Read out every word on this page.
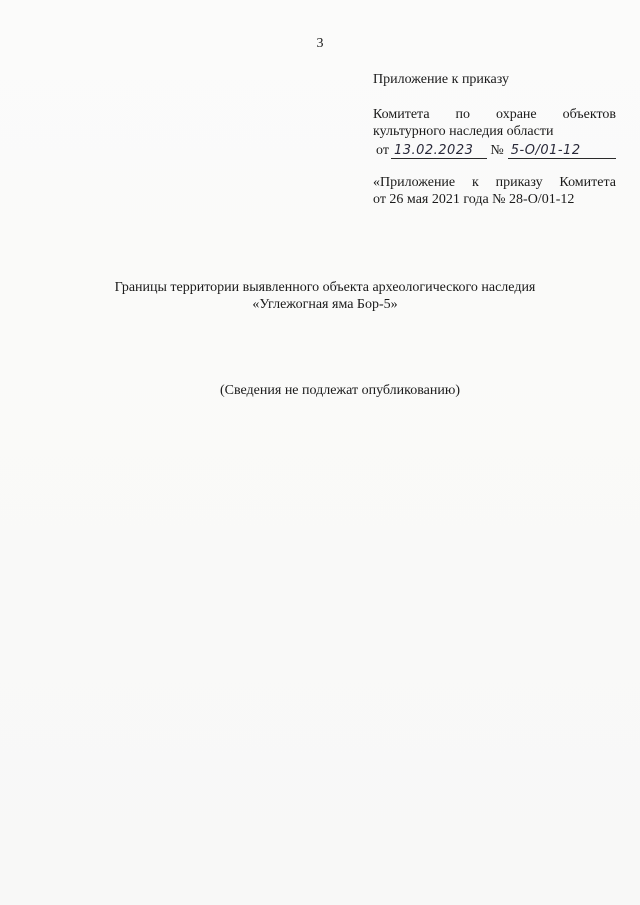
3
Приложение к приказу
Комитета по охране объектов
культурного наследия области
от 13.02.2023	№ 5-О/01-12
«Приложение к приказу Комитета
от 26 мая 2021 года № 28-О/01-12
Границы территории выявленного объекта археологического наследия
«Углежогная яма Бор-5»
(Сведения не подлежат опубликованию)
